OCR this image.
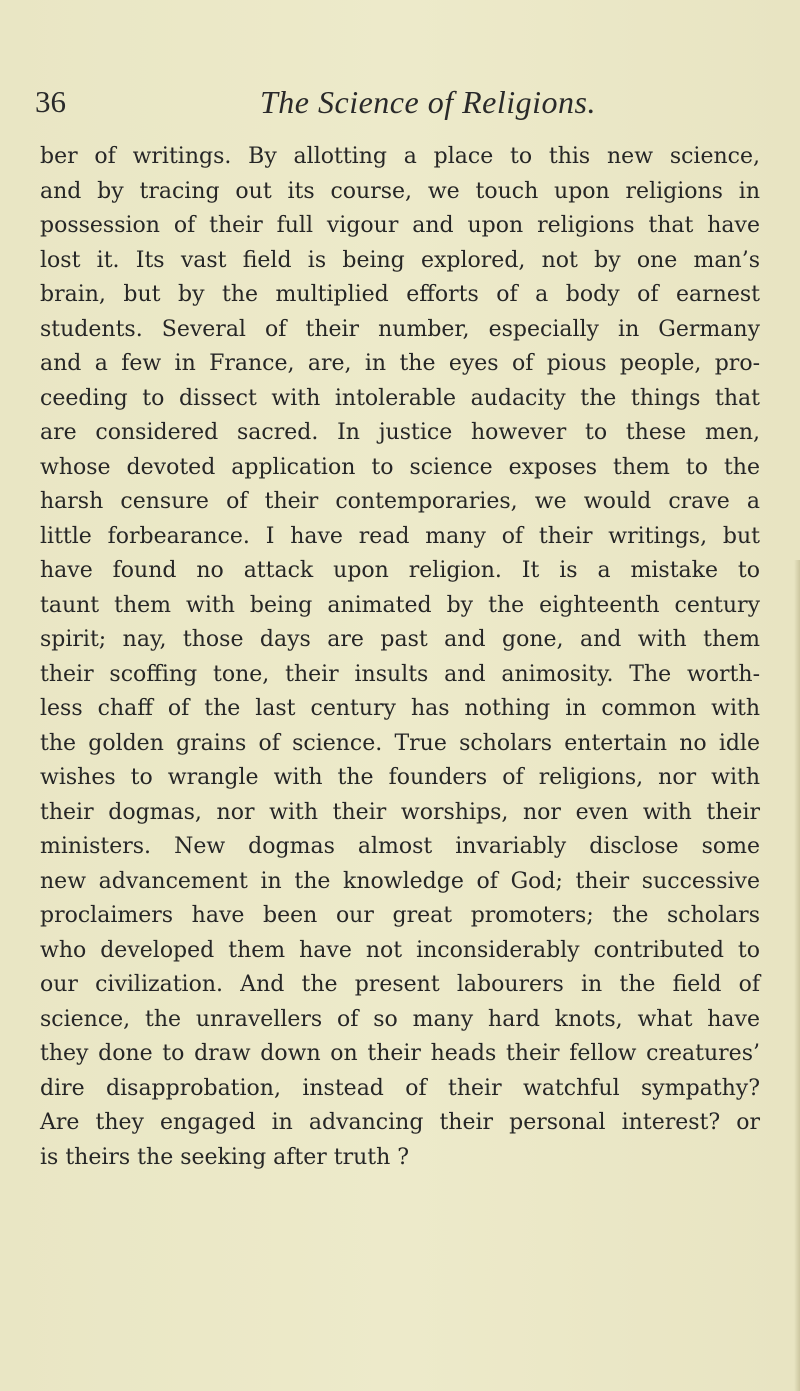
36	The Science of Religions.
ber of writings. By allotting a place to this new science,
and by tracing out its course, we touch upon religions in
possession of their full vigour and upon religions that have
lost it. Its vast field is being explored, not by one man’s
brain, but by the multiplied efforts of a body of earnest
students. Several of their number, especially in Germany
and a few in France, are, in the eyes of pious people, pro-
ceeding to dissect with intolerable audacity the things that
are considered sacred. In justice however to these men,
whose devoted application to science exposes them to the
harsh censure of their contemporaries, we would crave a
little forbearance. I have read many of their writings, but
have found no attack upon religion. It is a mistake to
taunt them with being animated by the eighteenth century
spirit; nay, those days are past and gone, and with them
their scoffing tone, their insults and animosity. The worth-
less chaff of the last century has nothing in common with
the golden grains of science. True scholars entertain no idle
wishes to wrangle with the founders of religions, nor with
their dogmas, nor with their worships, nor even with their
ministers. New dogmas almost invariably disclose some
new advancement in the knowledge of God; their successive
proclaimers have been our great promoters; the scholars
who developed them have not inconsiderably contributed to
our civilization. And the present labourers in the field of
science, the unravellers of so many hard knots, what have
they done to draw down on their heads their fellow creatures’
dire disapprobation, instead of their watchful sympathy?
Are they engaged in advancing their personal interest? or
is theirs the seeking after truth ?
